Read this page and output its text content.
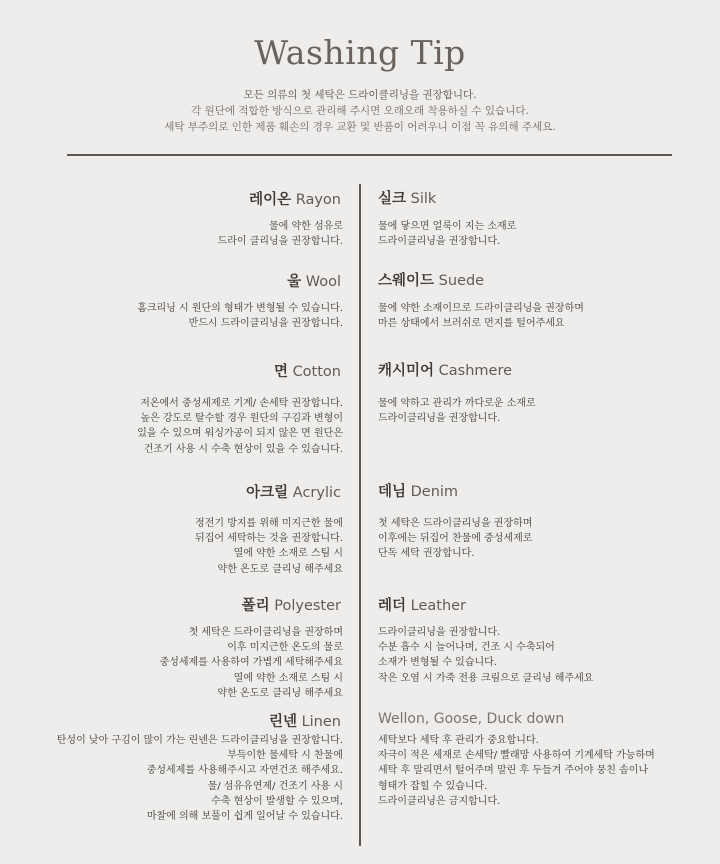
Washing Tip

모든 의류의 첫 세탁은 드라이클리닝을 권장합니다.

각 원단에 적합한 방식으로 관리해 주시면 오래오래 착용하실 수 있습니다.

세탁 부주의로 인한 제품 훼손의 경우 교환 및 반품이 어려우니 이점 꼭 유의해 주세요.

레이온 Rayon

물에 약한 섬유로

드라이 클리닝을 권장합니다.

실크 Silk

물에 닿으면 얼룩이 지는 소재로

드라이클리닝을 권장합니다.

울 Wool

홈크리닝 시 원단의 형태가 변형될 수 있습니다.

반드시 드라이클리닝을 권장합니다.

스웨이드 Suede

물에 약한 소재이므로 드라이클리닝을 권장하며

마른 상태에서 브러쉬로 먼지를 털어주세요

면 Cotton

저온에서 중성세제로 기계/ 손세탁 권장합니다.

높은 강도로 탈수할 경우 원단의 구김과 변형이

있을 수 있으며 워싱가공이 되지 않은 면 원단은

건조기 사용 시 수축 현상이 있을 수 있습니다.

캐시미어 Cashmere

물에 약하고 관리가 까다로운 소재로

드라이클리닝을 권장합니다.

아크릴 Acrylic

정전기 방지를 위해 미지근한 물에

뒤집어 세탁하는 것을 권장합니다.

열에 약한 소재로 스팀 시

약한 온도로 클리닝 해주세요

데님 Denim

첫 세탁은 드라이클리닝을 권장하며

이후에는 뒤집어 찬물에 중성세제로

단독 세탁 권장합니다.

폴리 Polyester

첫 세탁은 드라이클리닝을 권장하며

이후 미지근한 온도의 물로

중성세제를 사용하여 가볍게 세탁해주세요

열에 약한 소재로 스팀 시

약한 온도로 클리닝 해주세요

레더 Leather

드라이클리닝을 권장합니다.

수분 흡수 시 늘어나며, 건조 시 수축되어

소재가 변형될 수 있습니다.

작은 오염 시 가죽 전용 크림으로 클리닝 해주세요

린넨 Linen

탄성이 낮아 구김이 많이 가는 린넨은 드라이클리닝을 권장합니다.

부득이한 물세탁 시 찬물에

중성세제를 사용해주시고 자연건조 해주세요.

물/ 섬유유연제/ 건조기 사용 시

수축 현상이 발생할 수 있으며,

마찰에 의해 보풀이 쉽게 일어날 수 있습니다.

Wellon, Goose, Duck down

세탁보다 세탁 후 관리가 중요합니다.

자극이 적은 세재로 손세탁/ 빨래망 사용하여 기계세탁 가능하며

세탁 후 말리면서 털어주며 말린 후 두들겨 주어야 뭉친 솜이나

형태가 잡힐 수 있습니다.

드라이클리닝은 금지합니다.
